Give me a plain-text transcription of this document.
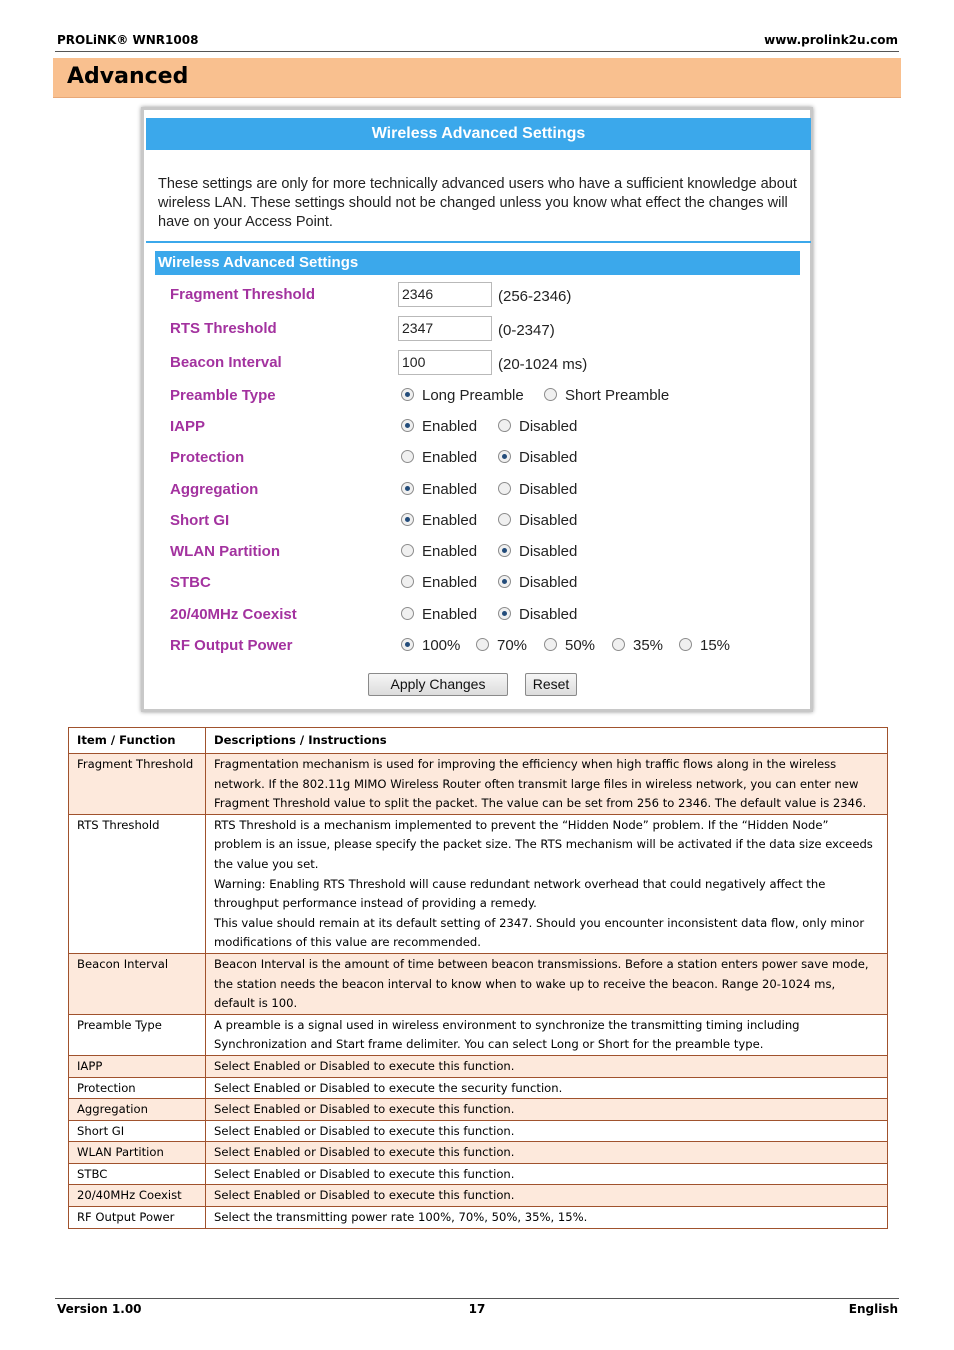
PROLiNK® WNR1008	www.prolink2u.com
Advanced
Wireless Advanced Settings
These settings are only for more technically advanced users who have a sufficient knowledge about wireless LAN. These settings should not be changed unless you know what effect the changes will have on your Access Point.
Wireless Advanced Settings
Fragment Threshold	2346	(256-2346)
RTS Threshold	2347	(0-2347)
Beacon Interval	100	(20-1024 ms)
Preamble Type	Long Preamble	Short Preamble
IAPP	Enabled	Disabled
Protection	Enabled	Disabled
Aggregation	Enabled	Disabled
Short GI	Enabled	Disabled
WLAN Partition	Enabled	Disabled
STBC	Enabled	Disabled
20/40MHz Coexist	Enabled	Disabled
RF Output Power	100%	70%	50%	35%	15%
Apply Changes	Reset
Item / Function	Descriptions / Instructions
Fragment Threshold	Fragmentation mechanism is used for improving the efficiency when high traffic flows along in the wireless network. If the 802.11g MIMO Wireless Router often transmit large files in wireless network, you can enter new Fragment Threshold value to split the packet. The value can be set from 256 to 2346. The default value is 2346.

RTS Threshold	RTS Threshold is a mechanism implemented to prevent the “Hidden Node” problem. If the “Hidden Node” problem is an issue, please specify the packet size. The RTS mechanism will be activated if the data size exceeds the value you set.
Warning: Enabling RTS Threshold will cause redundant network overhead that could negatively affect the throughput performance instead of providing a remedy.
This value should remain at its default setting of 2347. Should you encounter inconsistent data flow, only minor modifications of this value are recommended.

Beacon Interval	Beacon Interval is the amount of time between beacon transmissions. Before a station enters power save mode, the station needs the beacon interval to know when to wake up to receive the beacon. Range 20-1024 ms, default is 100.

Preamble Type	A preamble is a signal used in wireless environment to synchronize the transmitting timing including Synchronization and Start frame delimiter. You can select Long or Short for the preamble type.

IAPP	Select Enabled or Disabled to execute this function.

Protection	Select Enabled or Disabled to execute the security function.

Aggregation	Select Enabled or Disabled to execute this function.

Short GI	Select Enabled or Disabled to execute this function.

WLAN Partition	Select Enabled or Disabled to execute this function.

STBC	Select Enabled or Disabled to execute this function.

20/40MHz Coexist	Select Enabled or Disabled to execute this function.

RF Output Power	Select the transmitting power rate 100%, 70%, 50%, 35%, 15%.
Version 1.00	17	English
